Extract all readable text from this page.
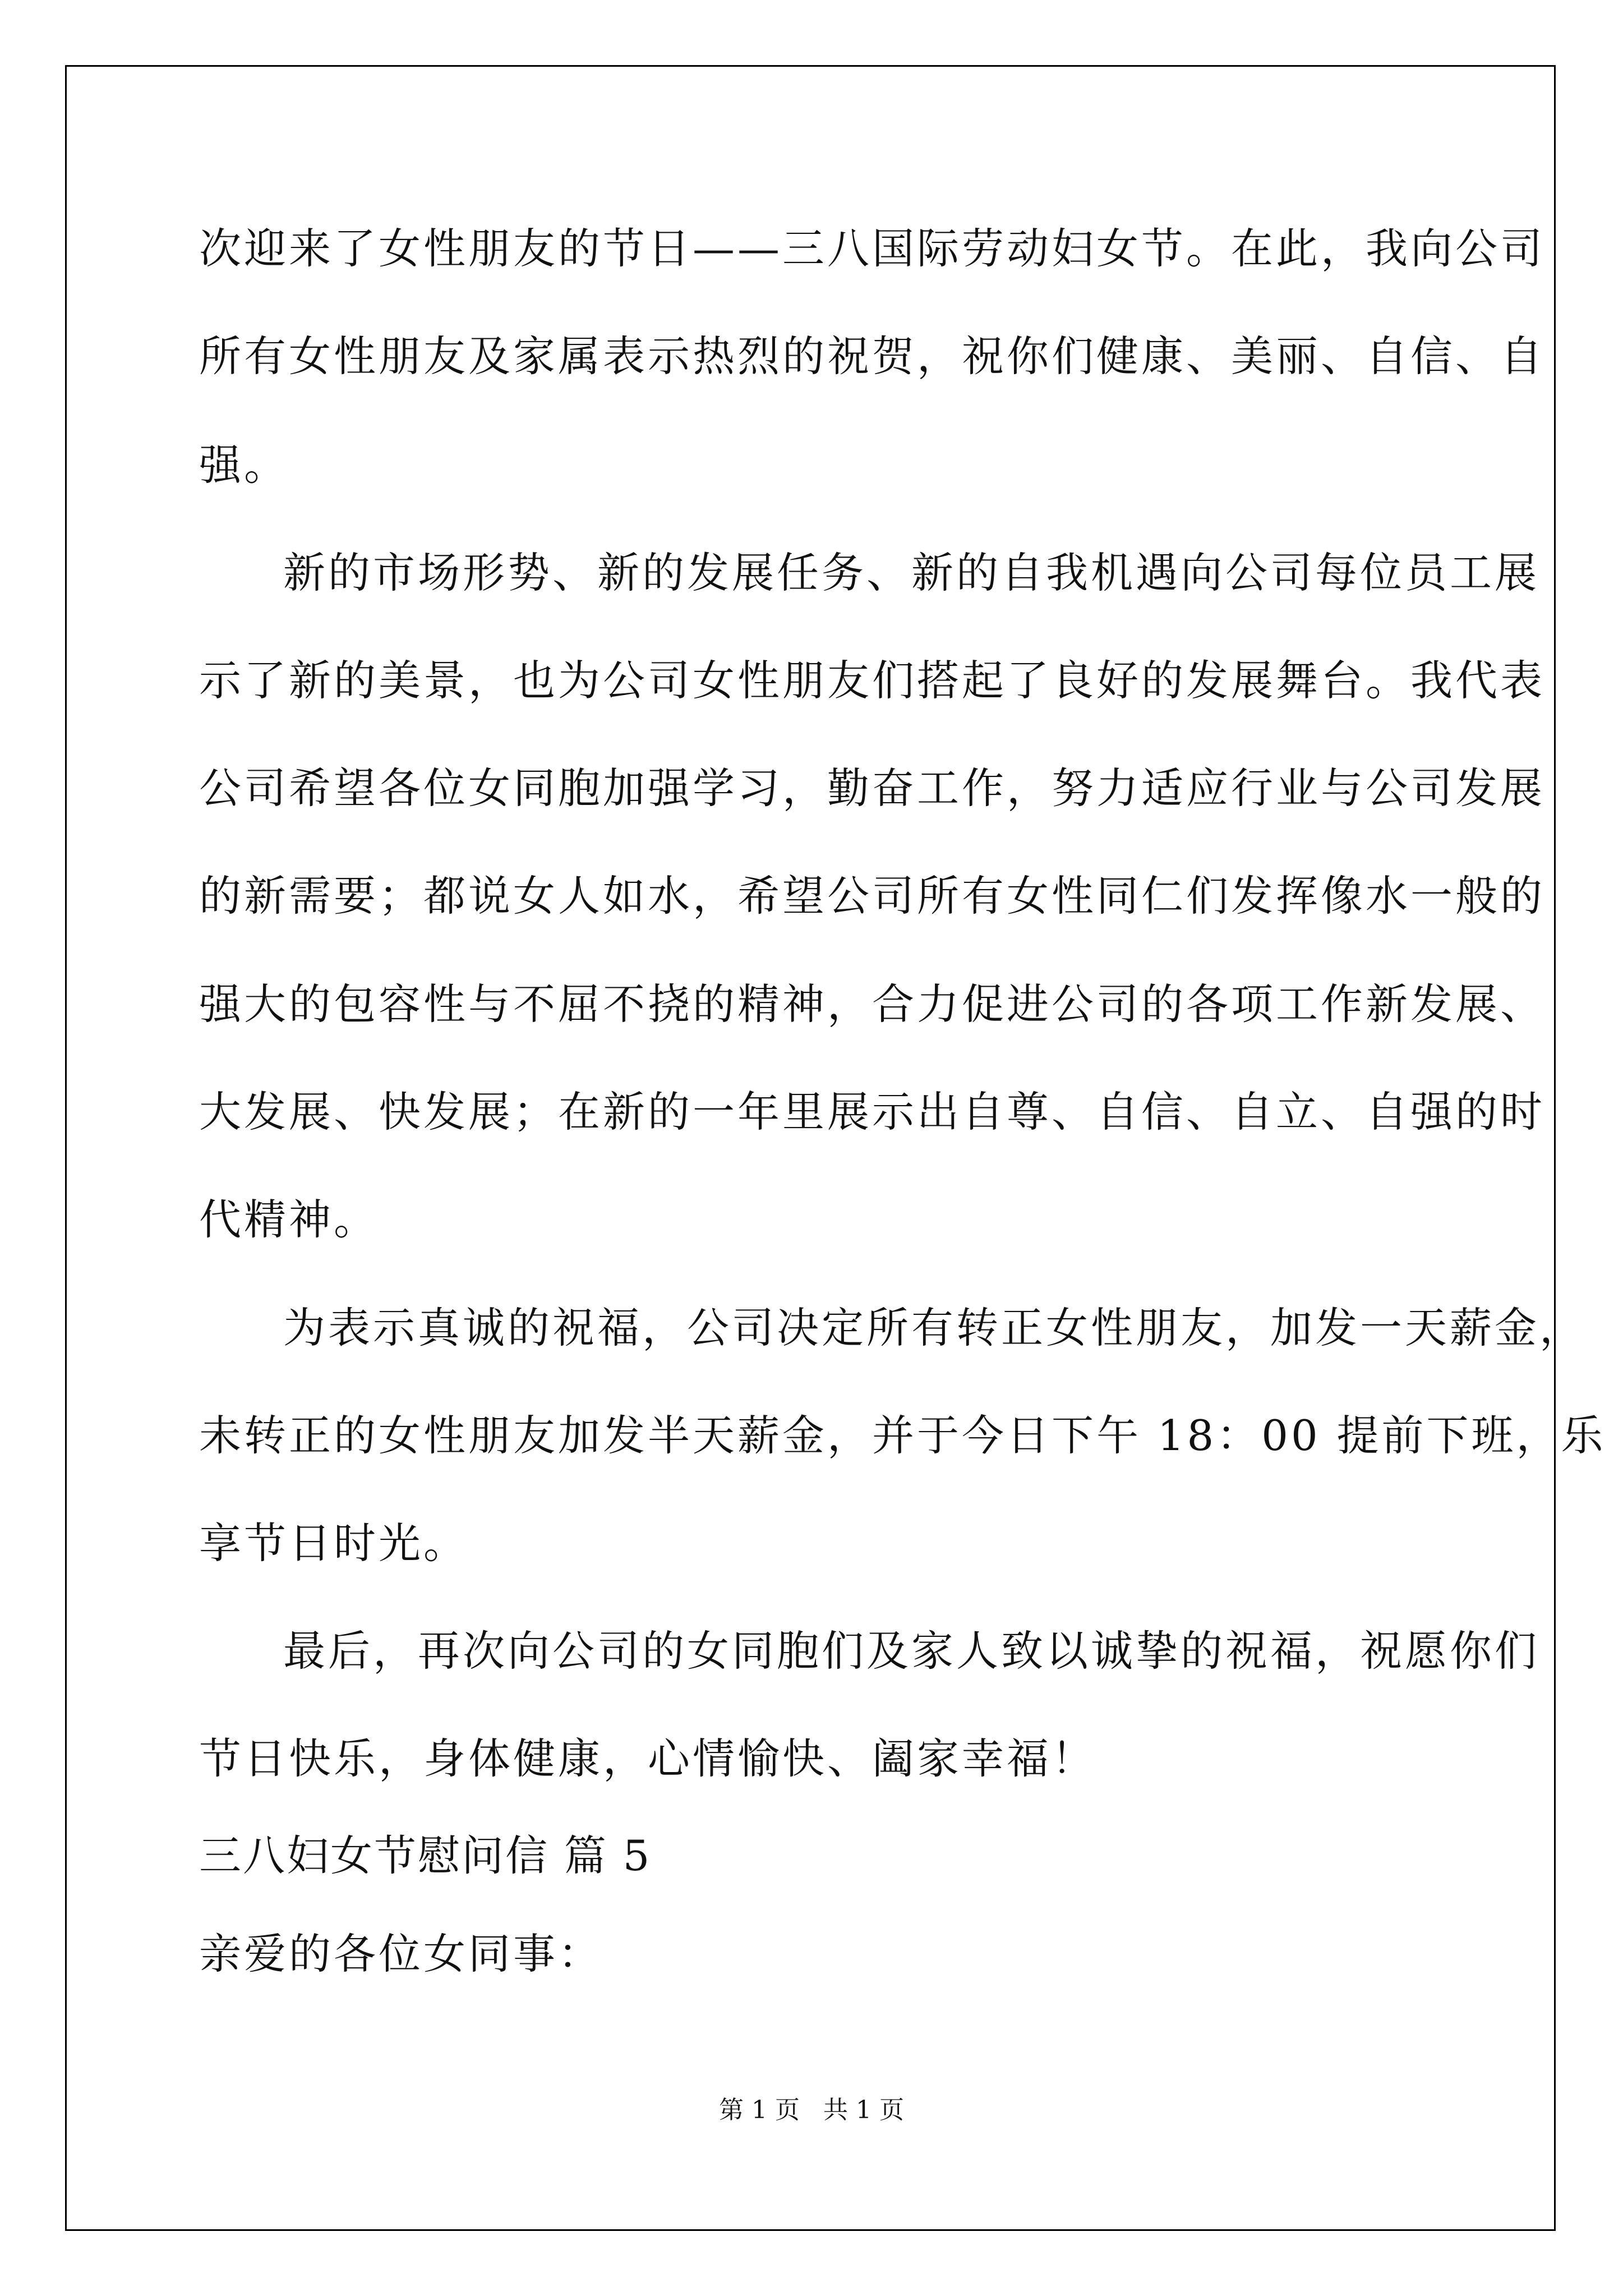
次迎来了女性朋友的节日——三八国际劳动妇女节。在此，我向公司

所有女性朋友及家属表示热烈的祝贺，祝你们健康、美丽、自信、自

强。

新的市场形势、新的发展任务、新的自我机遇向公司每位员工展

示了新的美景，也为公司女性朋友们搭起了良好的发展舞台。我代表

公司希望各位女同胞加强学习，勤奋工作，努力适应行业与公司发展

的新需要；都说女人如水，希望公司所有女性同仁们发挥像水一般的

强大的包容性与不屈不挠的精神，合力促进公司的各项工作新发展、

大发展、快发展；在新的一年里展示出自尊、自信、自立、自强的时

代精神。

为表示真诚的祝福，公司决定所有转正女性朋友，加发一天薪金，

未转正的女性朋友加发半天薪金，并于今日下午 18：00 提前下班，乐

享节日时光。

最后，再次向公司的女同胞们及家人致以诚挚的祝福，祝愿你们

节日快乐，身体健康，心情愉快、阖家幸福！

三八妇女节慰问信 篇 5

亲爱的各位女同事：

第 1 页   共 1 页
